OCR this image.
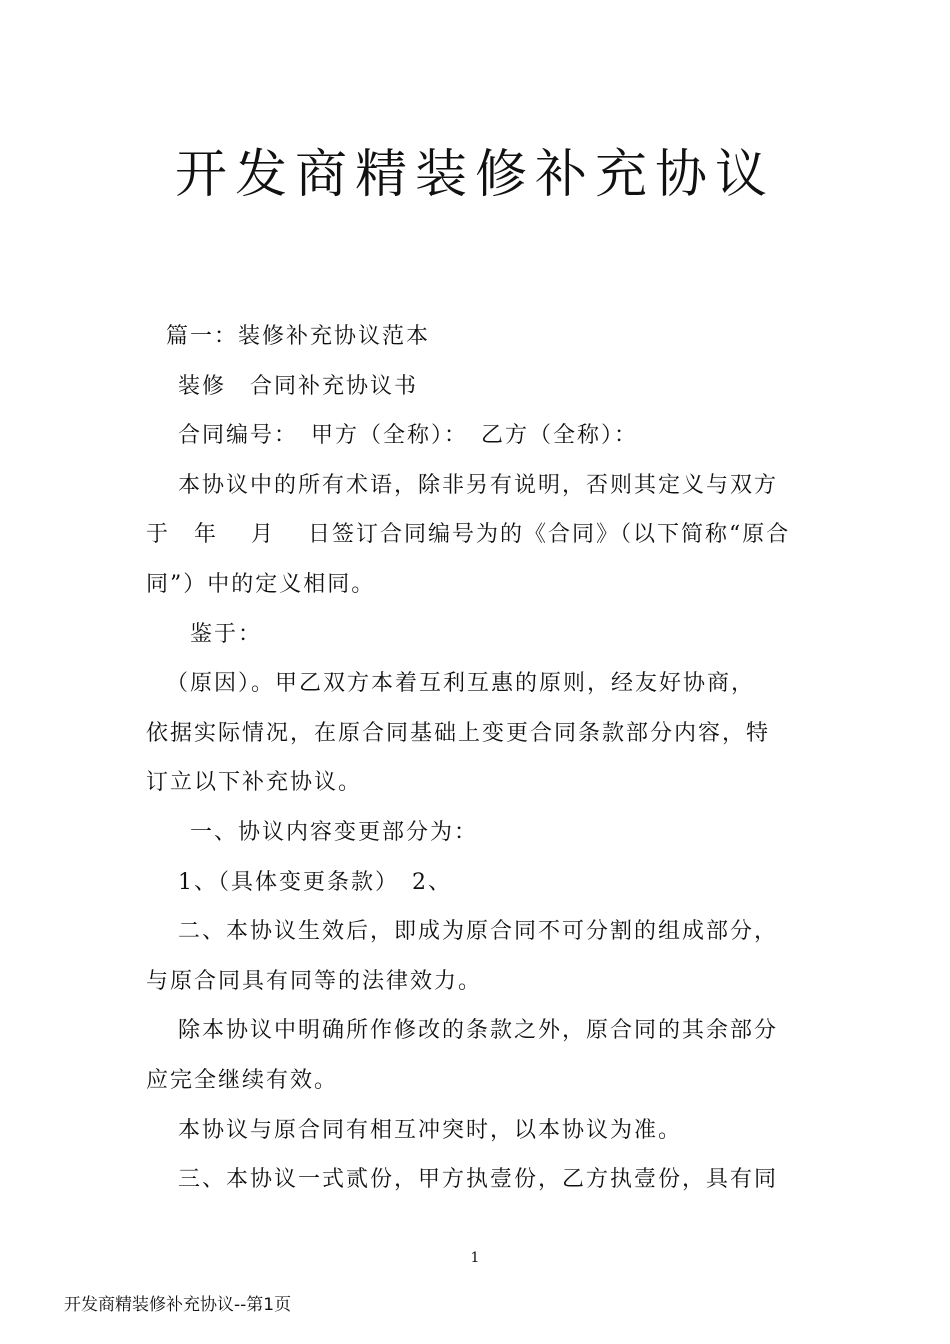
开发商精装修补充协议

篇一：装修补充协议范本

装修　合同补充协议书

合同编号：　甲方（全称）：　乙方（全称）：

本协议中的所有术语，除非另有说明，否则其定义与双方

于　年　 月　 日签订合同编号为的《合同》（以下简称“原合

同”）中的定义相同。

鉴于：

（原因）。甲乙双方本着互利互惠的原则，经友好协商，

依据实际情况，在原合同基础上变更合同条款部分内容，特

订立以下补充协议。

一、协议内容变更部分为：

1、（具体变更条款）　2、

二、本协议生效后，即成为原合同不可分割的组成部分，

与原合同具有同等的法律效力。

除本协议中明确所作修改的条款之外，原合同的其余部分

应完全继续有效。

本协议与原合同有相互冲突时，以本协议为准。

三、本协议一式贰份，甲方执壹份，乙方执壹份，具有同

1
开发商精装修补充协议--第1页
